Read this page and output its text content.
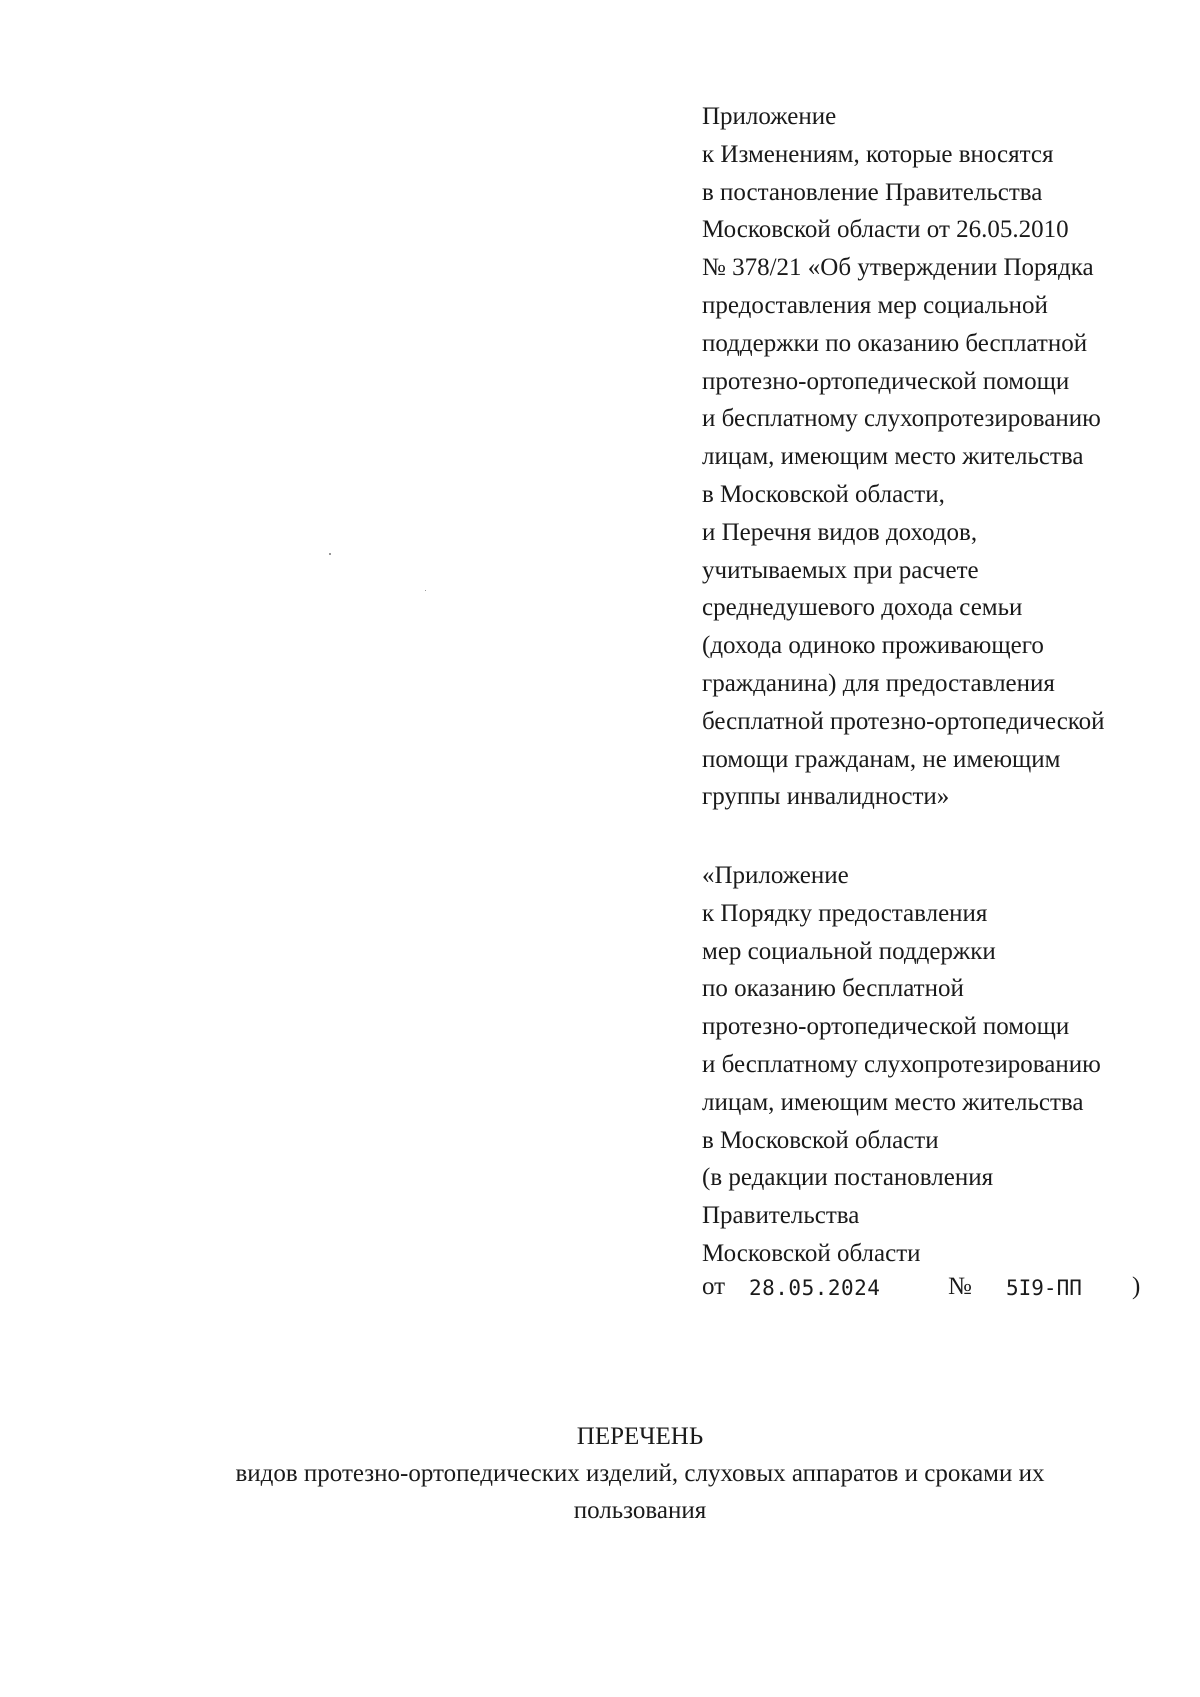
Приложение
к Изменениям, которые вносятся
в постановление Правительства
Московской области от 26.05.2010
№ 378/21 «Об утверждении Порядка
предоставления мер социальной
поддержки по оказанию бесплатной
протезно-ортопедической помощи
и бесплатному слухопротезированию
лицам, имеющим место жительства
в Московской области,
и Перечня видов доходов,
учитываемых при расчете
среднедушевого дохода семьи
(дохода одиноко проживающего
гражданина) для предоставления
бесплатной протезно-ортопедической
помощи гражданам, не имеющим
группы инвалидности»
«Приложение
к Порядку предоставления
мер социальной поддержки
по оказанию бесплатной
протезно-ортопедической помощи
и бесплатному слухопротезированию
лицам, имеющим место жительства
в Московской области
(в редакции постановления
Правительства
Московской области
от 28.05.2024	№ 5I9-ПП )
ПЕРЕЧЕНЬ
видов протезно-ортопедических изделий, слуховых аппаратов и сроками их
пользования
